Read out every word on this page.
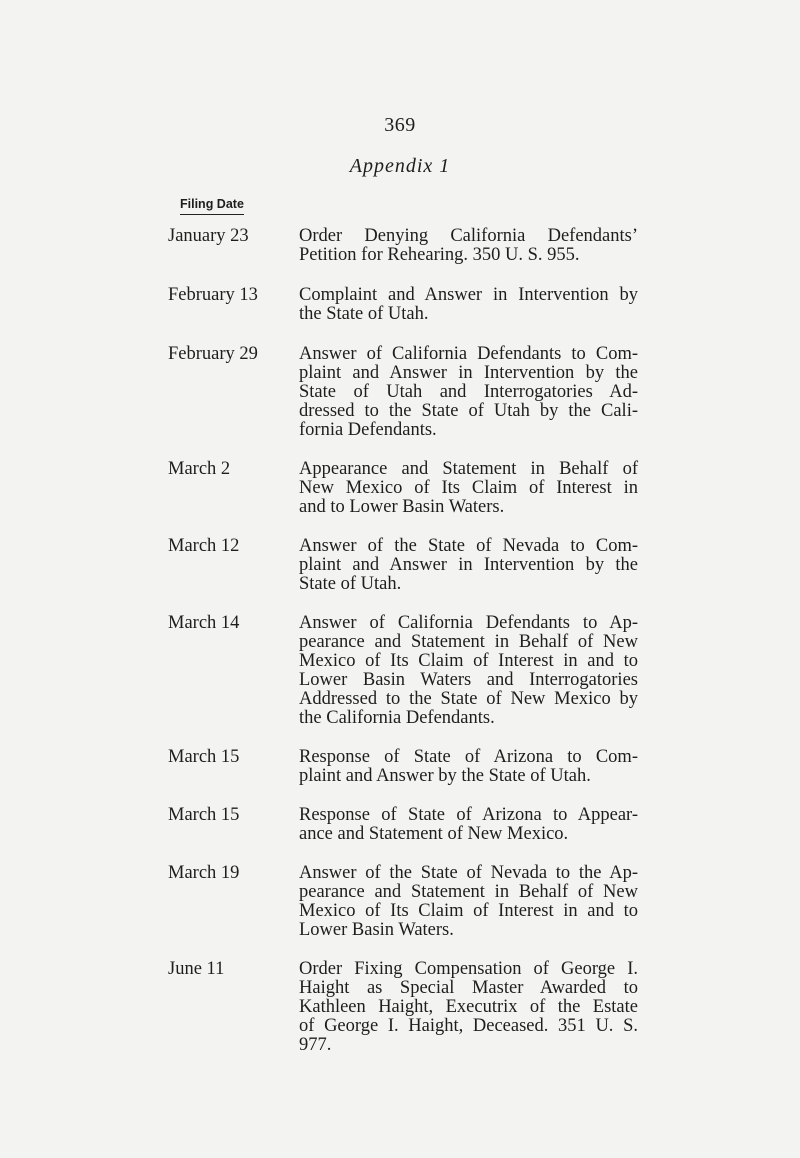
369
Appendix 1
Filing Date
January 23	Order Denying California Defendants’
Petition for Rehearing. 350 U. S. 955.
February 13	Complaint and Answer in Intervention by
the State of Utah.
February 29	Answer of California Defendants to Com-
plaint and Answer in Intervention by the
State of Utah and Interrogatories Ad-
dressed to the State of Utah by the Cali-
fornia Defendants.
March 2	Appearance and Statement in Behalf of
New Mexico of Its Claim of Interest in
and to Lower Basin Waters.
March 12	Answer of the State of Nevada to Com-
plaint and Answer in Intervention by the
State of Utah.
March 14	Answer of California Defendants to Ap-
pearance and Statement in Behalf of New
Mexico of Its Claim of Interest in and to
Lower Basin Waters and Interrogatories
Addressed to the State of New Mexico by
the California Defendants.
March 15	Response of State of Arizona to Com-
plaint and Answer by the State of Utah.
March 15	Response of State of Arizona to Appear-
ance and Statement of New Mexico.
March 19	Answer of the State of Nevada to the Ap-
pearance and Statement in Behalf of New
Mexico of Its Claim of Interest in and to
Lower Basin Waters.
June 11	Order Fixing Compensation of George I.
Haight as Special Master Awarded to
Kathleen Haight, Executrix of the Estate
of George I. Haight, Deceased. 351 U. S.
977.
